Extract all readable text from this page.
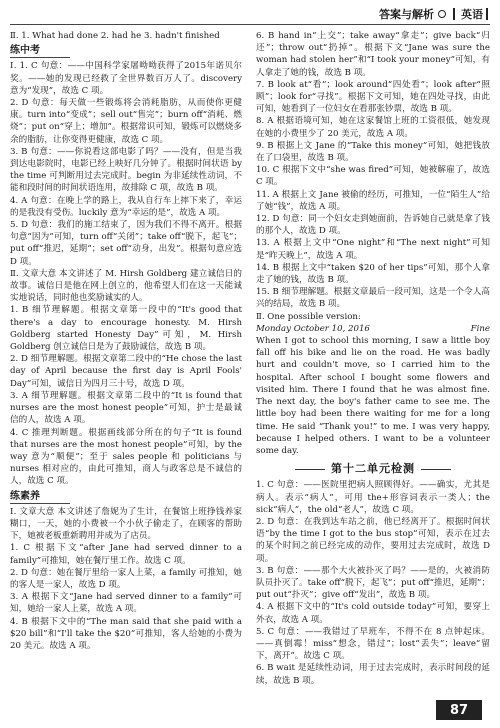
答案与解析 英语

Ⅱ. 1. What had done 2. had he 3. hadn't finished

练中考

Ⅰ. 1. C 句意：——中国科学家屠呦呦获得了2015年诺贝尔奖。——她的发现已经救了全世界数百万人了。discovery 意为“发现”，故选 C 项。

2. D 句意：每天做一些锻炼将会消耗脂肪，从而使你更健康。turn into“变成”；sell out“售完”；burn off“消耗、燃烧”；put on“穿上；增加”。根据常识可知，锻炼可以燃烧多余的脂肪，让你变得更健康，故选 C 项。

3. B 句意：——你说看这部电影了吗？——没有，但是当我到达电影院时，电影已经上映好几分钟了。根据时间状语 by the time 可判断用过去完成时。begin 为非延续性动词，不能和段时间的时间状语连用，故排除 C 项，故选 B 项。

4. A 句意：在晚上学的路上，我从自行车上摔下来了，幸运的是我没有受伤。luckily 意为“幸运的是”，故选 A 项。

5. D 句意：我们的施工结束了，因为我们不得不离开。根据句意“因为”可知，turn off“关闭”；take off“脱下，起飞”；put off“推迟，延期”；set off“动身，出发”。根据句意应选 D 项。

Ⅱ. 文章大意 本文讲述了 M. Hirsh Goldberg 建立诚信日的故事。诚信日是他在网上创立的，他希望人们在这一天能诚实地说话，同时他也奖励诚实的人。

1. B 细节理解题。根据文章第一段中的“It's good that there's a day to encourage honesty. M. Hirsh Goldberg started Honesty Day”可知，M. Hirsh Goldberg 创立诚信日是为了鼓励诚信，故选 B 项。

2. D 细节理解题。根据文章第二段中的“He chose the last day of April because the first day is April Fools' Day”可知，诚信日为四月三十号，故选 D 项。

3. A 细节理解题。根据文章第二段中的“It is found that nurses are the most honest people”可知，护士是最诚信的人，故选 A 项。

4. C 推理判断题。根据画线部分所在的句子“It is found that nurses are the most honest people”可知，by the way 意为“顺便”；至于 sales people 和 politicians 与 nurses 相对应的，由此可推知，商人与政客总是不诚信的人，故选 C 项。

练素养

Ⅰ. 文章大意 本文讲述了詹妮为了生计，在餐馆上班挣钱养家糊口，一天，她的小费被一个小伙子偷走了，在顾客的帮助下，她被老板重新聘用并成为了店员。

1. C 根据下文“after Jane had served dinner to a family”可推知，她在餐厅里工作。故选 C 项。

2. D 句意：她在餐厅里给一家人上菜，a family 可推知，她的客人是一家人，故选 D 项。

3. A 根据下文“Jane had served dinner to a family”可知，她给一家人上菜，故选 A 项。

4. B 根据下文中的“The man said that she paid with a $20 bill”和“I'll take the $20”可推知，客人给她的小费为 20 美元。故选 A 项。

6. B hand in“上交”；take away“拿走”；give back“归还”；throw out“扔掉”。根据下文“Jane was sure the woman had stolen her”和“I took your money”可知，有人拿走了她的钱，故选 B 项。

7. B look at“看”；look around“四处看”；look after“照顾”；look for“寻找”。根据下文可知，她在四处寻找，由此可知，她看到了一位妇女在看那张钞票，故选 B 项。

8. A 根据语境可知，她在这家餐馆上班的工资很低，她发现在她的小费里少了 20 美元，故选 A 项。

9. B 根据上文 Jane 的“Take this money”可知，她把钱放在了口袋里，故选 B 项。

10. C 根据下文中“she was fired”可知，她被解雇了，故选 C 项。

11. A 根据上文 Jane 被偷的经历，可推知，一位“陌生人”给了她“钱”，故选 A 项。

12. D 句意：同一个妇女走到她面前，告诉她自己就是拿了钱的那个人，故选 D 项。

13. A 根据上文中“One night”和“The next night”可知是“昨天晚上”，故选 A 项。

14. B 根据上文中“taken $20 of her tips”可知，那个人拿走了她的钱，故选 B 项。

15. B 细节理解题。根据文章最后一段可知，这是一个令人高兴的结局，故选 B 项。

Ⅱ. One possible version:

Monday October 10, 2016	Fine

When I got to school this morning, I saw a little boy fall off his bike and lie on the road. He was badly hurt and couldn't move, so I carried him to the hospital. After school I bought some flowers and visited him. There I found that he was almost fine. The next day, the boy's father came to see me. The little boy had been there waiting for me for a long time. He said “Thank you!” to me. I was very happy, because I helped others. I want to be a volunteer some day.

第十二单元检测

1. C 句意：——医院里把病人照顾得好。——确实，尤其是病人。表示“病人”，可用 the+形容词表示一类人；the sick“病人”，the old“老人”，故选 C 项。

2. D 句意：在我到达车站之前，他已经离开了。根据时间状语“by the time I got to the bus stop”可知，表示在过去的某个时间之前已经完成的动作，要用过去完成时，故选 D 项。

3. B 句意：——那个大火被扑灭了吗？——是的，火被消防队员扑灭了。take off“脱下，起飞”；put off“推迟，延期”；put out“扑灭”；give off“发出”，故选 B 项。

4. A 根据下文中的“It's cold outside today”可知，要穿上外衣，故选 A 项。

5. C 句意：——我错过了早班车，不得不在 8 点钟起床。——真倒霉！miss“想念，错过”；lost“丢失”；leave“留下，离开”。故选 C 项。

6. B wait 是延续性动词，用于过去完成时，表示时间段的延续，故选 B 项。

87
